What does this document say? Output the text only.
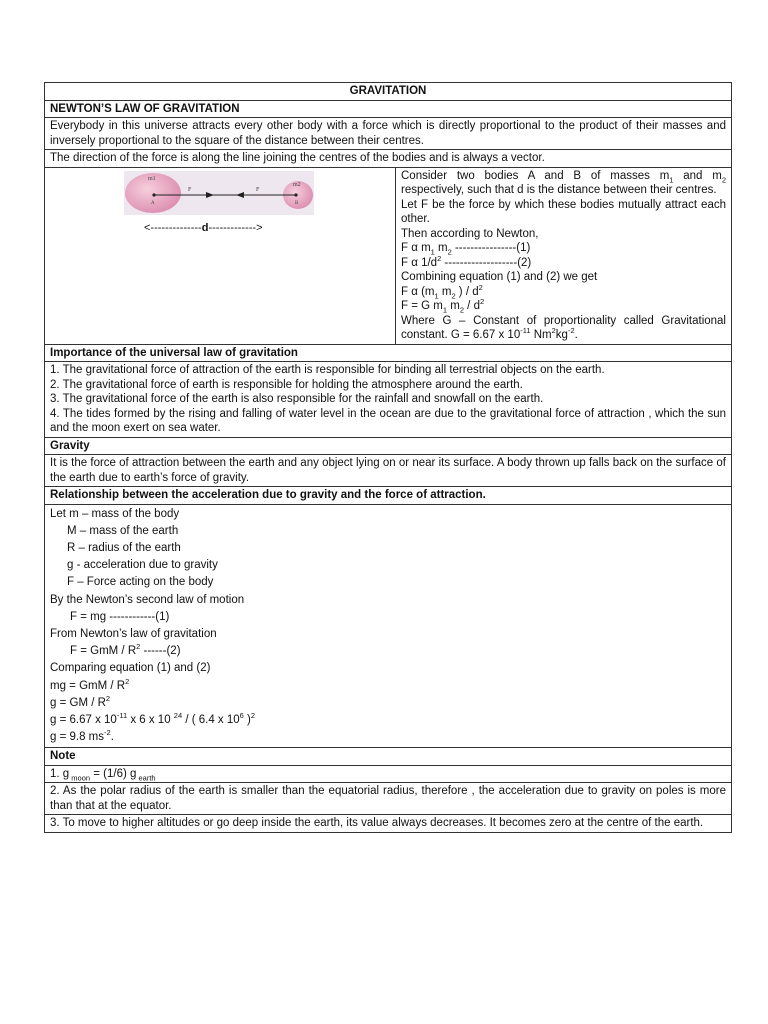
GRAVITATION
NEWTON’S LAW OF GRAVITATION
Everybody in this universe attracts every other body with a force which is directly proportional to the product of their masses and inversely proportional to the square of the distance between their centres.
The direction of the force is along the line joining the centres of the bodies and is always a vector.

m1
m2
F	F
A	B
<--------------d------------->

Consider two bodies A and B of masses $m_1$ and $m_2$ respectively, such that d is the distance between their centres.
Let F be the force by which these bodies mutually attract each other.
Then according to Newton,
F α $m_1$ $m_2$ ----------------(1)
F α $1/d^2$ -------------------(2)
Combining equation (1) and (2) we get
F α ($m_1$ $m_2$ ) / $d^2$
F = G $m_1$ $m_2 / d^2$
Where G – Constant of proportionality called Gravitational constant. G = 6.67 x $10^{-11}$ $Nm^2kg^{-2}$.

Importance of the universal law of gravitation

1. The gravitational force of attraction of the earth is responsible for binding all terrestrial objects on the earth.
2. The gravitational force of earth is responsible for holding the atmosphere around the earth.
3. The gravitational force of the earth is also responsible for the rainfall and snowfall on the earth.
4. The tides formed by the rising and falling of water level in the ocean are due to the gravitational force of attraction , which the sun and the moon exert on sea water.

Gravity
It is the force of attraction between the earth and any object lying on or near its surface. A body thrown up falls back on the surface of the earth due to earth’s force of gravity.
Relationship between the acceleration due to gravity and the force of attraction.

Let m – mass of the body
M – mass of the earth
R – radius of the earth
g - acceleration due to gravity
F – Force acting on the body
By the Newton’s second law of motion
F = mg ------------(1)
From Newton’s law of gravitation
F = GmM / $R^2$ ------(2)
Comparing equation (1) and (2)
mg = GmM / $R^2$
g = GM / $R^2$
g = 6.67 x $10^{-11}$ x 6 x 10 $^{24}$ / ( 6.4 x $10^6$ )$^2$
g = 9.8 $ms^{-2}$.

Note
1. g $_{moon}$ = (1/6) g $_{earth}$
2. As the polar radius of the earth is smaller than the equatorial radius, therefore , the acceleration due to gravity on poles is more than that at the equator.
3. To move to higher altitudes or go deep inside the earth, its value always decreases. It becomes zero at the centre of the earth.
